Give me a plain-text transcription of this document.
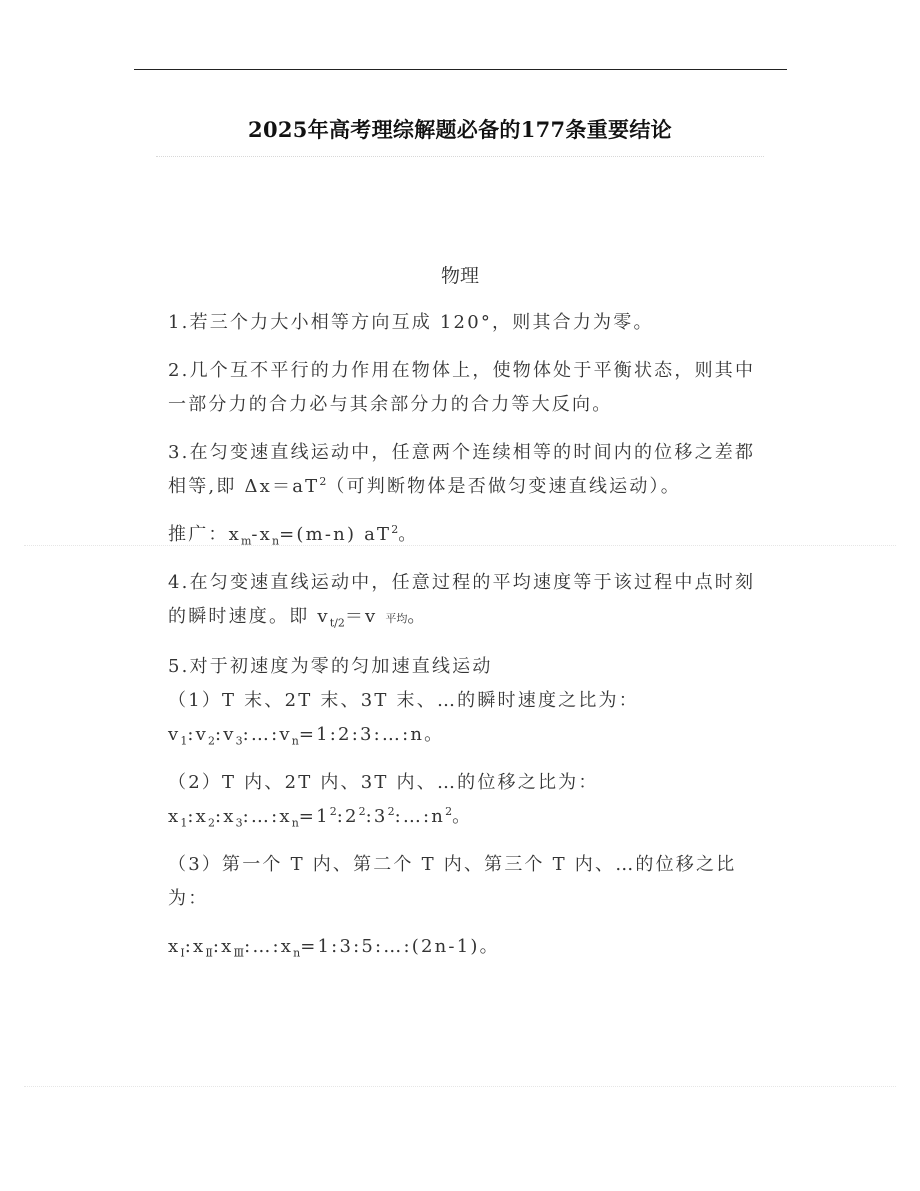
2025年高考理综解题必备的177条重要结论
物理
1.若三个力大小相等方向互成 120°，则其合力为零。
2.几个互不平行的力作用在物体上，使物体处于平衡状态，则其中一部分力的合力必与其余部分力的合力等大反向。
3.在匀变速直线运动中，任意两个连续相等的时间内的位移之差都相等,即 $\Delta x=aT^2$（可判断物体是否做匀变速直线运动）。
推广：$x_m-x_n=(m-n)$ $aT^2$。
4.在匀变速直线运动中，任意过程的平均速度等于该过程中点时刻的瞬时速度。即 $v_{t/2}=v$ 平均。
5.对于初速度为零的匀加速直线运动
（1）T 末、2T 末、3T 末、…的瞬时速度之比为：
$v_1:v_2:v_3:\dots:v_n=1:2:3:\dots:n$。
（2）T 内、2T 内、3T 内、…的位移之比为：
$x_1:x_2:x_3:\dots:x_n=1^2:2^2:3^2:\dots:n^2$。
（3）第一个 T 内、第二个 T 内、第三个 T 内、…的位移之比为：
$x_Ⅰ:x_Ⅱ:x_Ⅲ:\dots:x_n=1:3:5:\dots:(2n-1)$。
